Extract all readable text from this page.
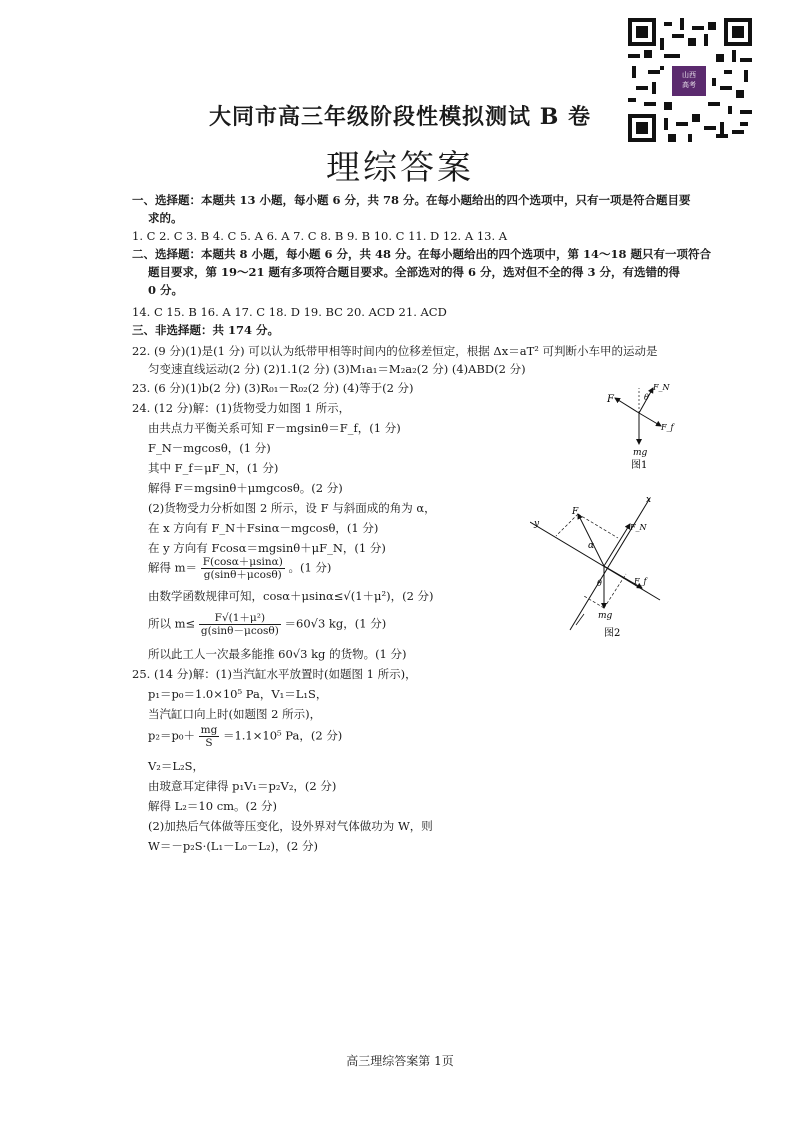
山西
高考
大同市高三年级阶段性模拟测试 B 卷
理综答案
一、选择题：本题共 13 小题，每小题 6 分，共 78 分。在每小题给出的四个选项中，只有一项是符合题目要
求的。
1. C 2. C 3. B 4. C 5. A 6. A 7. C 8. B 9. B 10. C 11. D 12. A 13. A
二、选择题：本题共 8 小题，每小题 6 分，共 48 分。在每小题给出的四个选项中，第 14～18 题只有一项符合
题目要求，第 19～21 题有多项符合题目要求。全部选对的得 6 分，选对但不全的得 3 分，有选错的得
0 分。
14. C 15. B 16. A 17. C 18. D 19. BC 20. ACD 21. ACD
三、非选择题：共 174 分。
22. (9 分)(1)是(1 分) 可以认为纸带甲相等时间内的位移差恒定，根据 Δx＝aT² 可判断小车甲的运动是
匀变速直线运动(2 分) (2)1.1(2 分) (3)M₁a₁＝M₂a₂(2 分) (4)ABD(2 分)
23. (6 分)(1)b(2 分) (3)R₀₁－R₀₂(2 分) (4)等于(2 分)
24. (12 分)解：(1)货物受力如图 1 所示，
由共点力平衡关系可知 F－mgsinθ＝F_f，(1 分)
F_N－mgcosθ，(1 分)
其中 F_f＝μF_N，(1 分)
解得 F＝mgsinθ＋μmgcosθ。(2 分)
(2)货物受力分析如图 2 所示，设 F 与斜面成的角为 α，
在 x 方向有 F_N＋Fsinα－mgcosθ，(1 分)
在 y 方向有 Fcosα＝mgsinθ＋μF_N，(1 分)
解得 $m= \frac{F(\cos\alpha+\mu\sin\alpha)}{g(\sin\theta+\mu\cos\theta)}$ 。(1 分)
由数学函数规律可知，cosα＋μsinα≤√(1＋μ²)，(2 分)
所以 $m\le \frac{\text{F√(1＋μ²)}}{g(\sin\theta-\mu\cos\theta)} =60√3$ kg，(1 分)
所以此工人一次最多能推 60√3 kg 的货物。(1 分)
F
F_N
θ
F_f
mg
图1
x
y
F
F_N
α
θ	F_f
mg
图2
25. (14 分)解：(1)当汽缸水平放置时(如题图 1 所示)，
p₁＝p₀＝1.0×10⁵ Pa，V₁＝L₁S，
当汽缸口向上时(如题图 2 所示)，
$p_2=p_0+ \frac{mg}{S} =1.1\times 10^5$ Pa，(2 分)
V₂＝L₂S，
由玻意耳定律得 p₁V₁＝p₂V₂，(2 分)
解得 L₂＝10 cm。(2 分)
(2)加热后气体做等压变化，设外界对气体做功为 W，则
W＝－p₂S·(L₁－L₀－L₂)，(2 分)
高三理综答案第 1页
